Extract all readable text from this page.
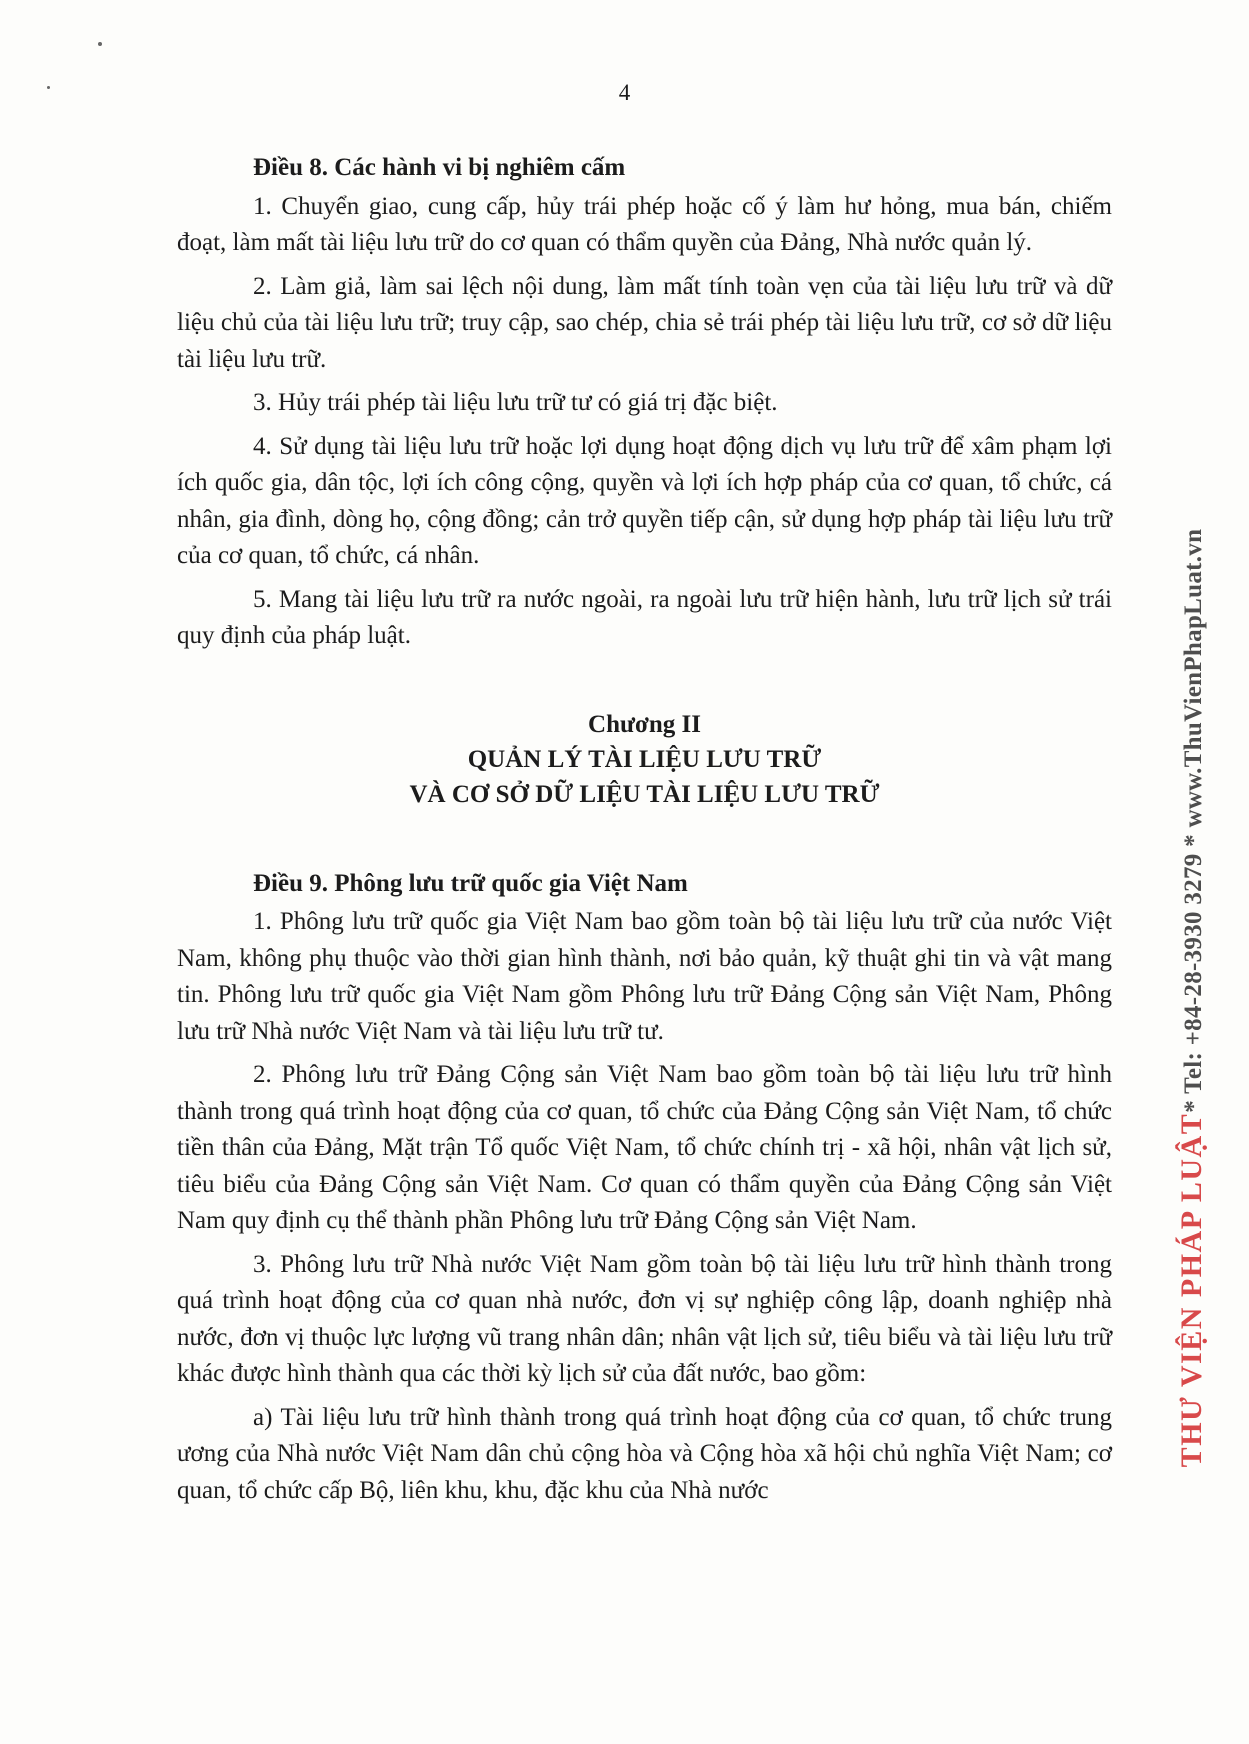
4
Điều 8. Các hành vi bị nghiêm cấm

1. Chuyển giao, cung cấp, hủy trái phép hoặc cố ý làm hư hỏng, mua bán, chiếm đoạt, làm mất tài liệu lưu trữ do cơ quan có thẩm quyền của Đảng, Nhà nước quản lý.

2. Làm giả, làm sai lệch nội dung, làm mất tính toàn vẹn của tài liệu lưu trữ và dữ liệu chủ của tài liệu lưu trữ; truy cập, sao chép, chia sẻ trái phép tài liệu lưu trữ, cơ sở dữ liệu tài liệu lưu trữ.

3. Hủy trái phép tài liệu lưu trữ tư có giá trị đặc biệt.

4. Sử dụng tài liệu lưu trữ hoặc lợi dụng hoạt động dịch vụ lưu trữ để xâm phạm lợi ích quốc gia, dân tộc, lợi ích công cộng, quyền và lợi ích hợp pháp của cơ quan, tổ chức, cá nhân, gia đình, dòng họ, cộng đồng; cản trở quyền tiếp cận, sử dụng hợp pháp tài liệu lưu trữ của cơ quan, tổ chức, cá nhân.

5. Mang tài liệu lưu trữ ra nước ngoài, ra ngoài lưu trữ hiện hành, lưu trữ lịch sử trái quy định của pháp luật.

Chương II
QUẢN LÝ TÀI LIỆU LƯU TRỮ
VÀ CƠ SỞ DỮ LIỆU TÀI LIỆU LƯU TRỮ
Điều 9. Phông lưu trữ quốc gia Việt Nam

1. Phông lưu trữ quốc gia Việt Nam bao gồm toàn bộ tài liệu lưu trữ của nước Việt Nam, không phụ thuộc vào thời gian hình thành, nơi bảo quản, kỹ thuật ghi tin và vật mang tin. Phông lưu trữ quốc gia Việt Nam gồm Phông lưu trữ Đảng Cộng sản Việt Nam, Phông lưu trữ Nhà nước Việt Nam và tài liệu lưu trữ tư.

2. Phông lưu trữ Đảng Cộng sản Việt Nam bao gồm toàn bộ tài liệu lưu trữ hình thành trong quá trình hoạt động của cơ quan, tổ chức của Đảng Cộng sản Việt Nam, tổ chức tiền thân của Đảng, Mặt trận Tổ quốc Việt Nam, tổ chức chính trị - xã hội, nhân vật lịch sử, tiêu biểu của Đảng Cộng sản Việt Nam. Cơ quan có thẩm quyền của Đảng Cộng sản Việt Nam quy định cụ thể thành phần Phông lưu trữ Đảng Cộng sản Việt Nam.

3. Phông lưu trữ Nhà nước Việt Nam gồm toàn bộ tài liệu lưu trữ hình thành trong quá trình hoạt động của cơ quan nhà nước, đơn vị sự nghiệp công lập, doanh nghiệp nhà nước, đơn vị thuộc lực lượng vũ trang nhân dân; nhân vật lịch sử, tiêu biểu và tài liệu lưu trữ khác được hình thành qua các thời kỳ lịch sử của đất nước, bao gồm:

a) Tài liệu lưu trữ hình thành trong quá trình hoạt động của cơ quan, tổ chức trung ương của Nhà nước Việt Nam dân chủ cộng hòa và Cộng hòa xã hội chủ nghĩa Việt Nam; cơ quan, tổ chức cấp Bộ, liên khu, khu, đặc khu của Nhà nước

THƯ VIỆN PHÁP LUẬT* Tel: +84-28-3930 3279 * www.ThuVienPhapLuat.vn
